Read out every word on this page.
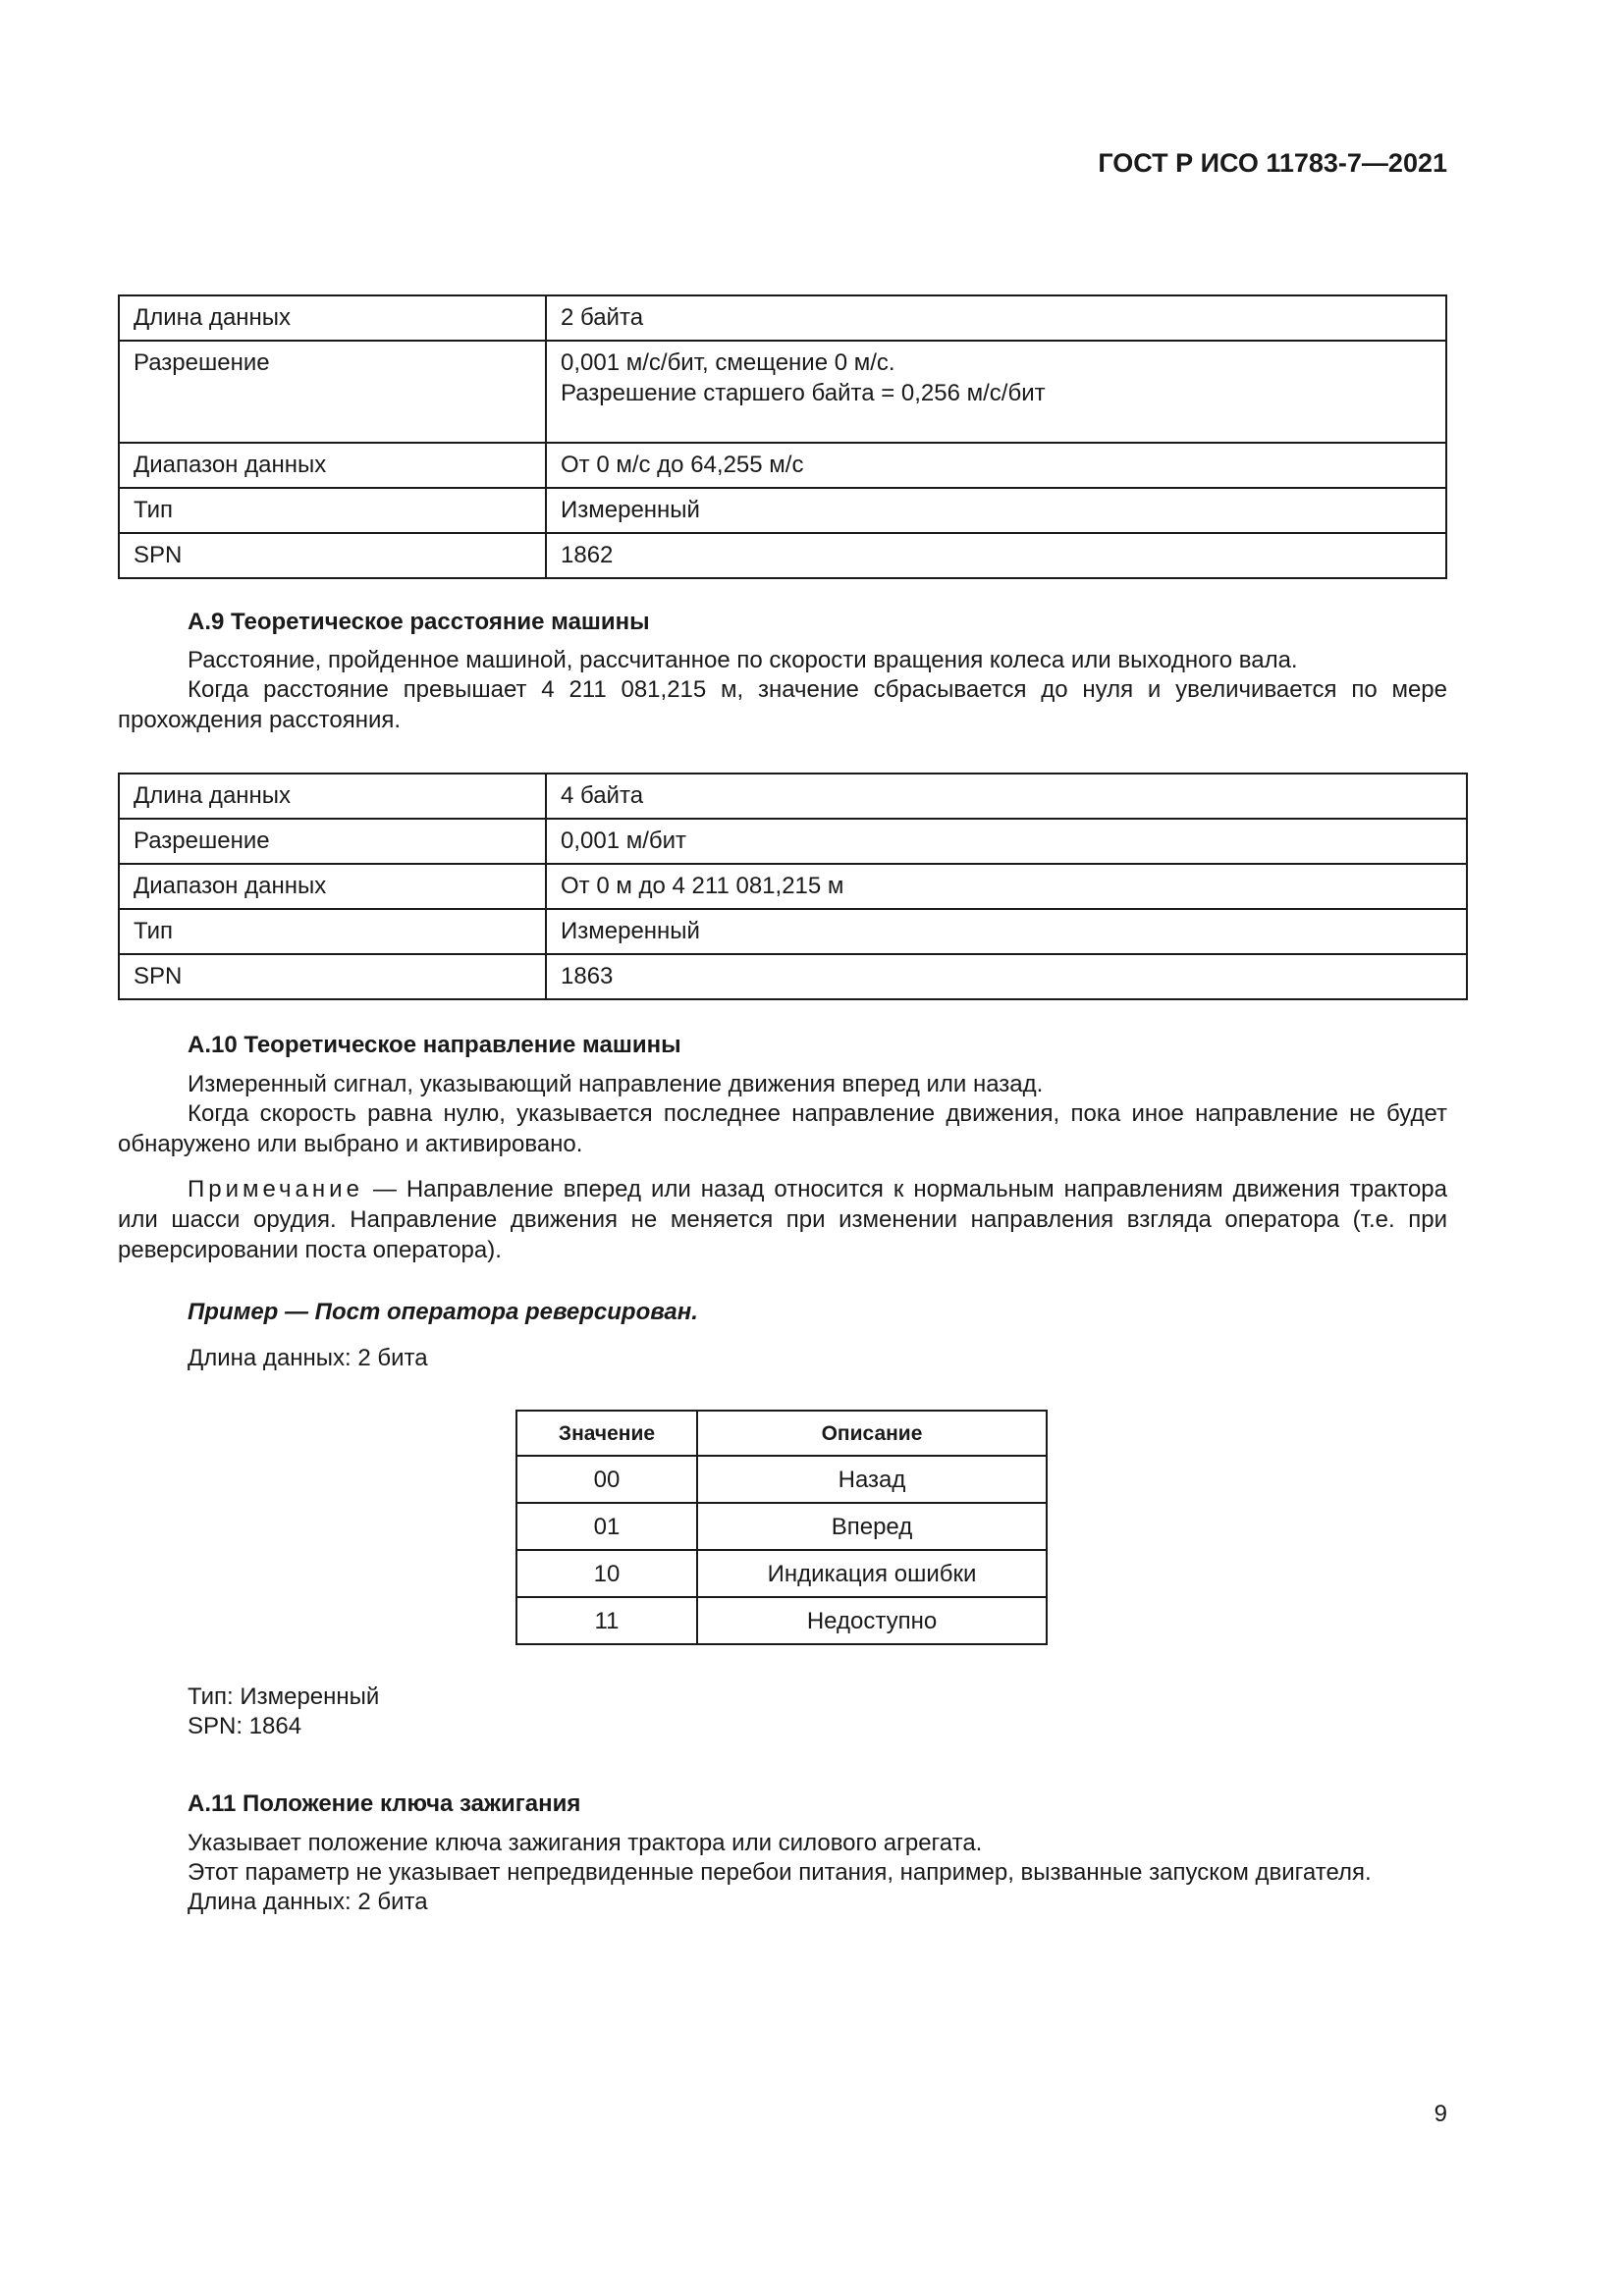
ГОСТ Р ИСО 11783-7—2021
Длина данных	2 байта
Разрешение	0,001 м/с/бит, смещение 0 м/с.
Разрешение старшего байта = 0,256 м/с/бит

Диапазон данных	От 0 м/с до 64,255 м/с
Тип	Измеренный
SPN	1862
А.9 Теоретическое расстояние машины
Расстояние, пройденное машиной, рассчитанное по скорости вращения колеса или выходного вала.
Когда расстояние превышает 4 211 081,215 м, значение сбрасывается до нуля и увеличивается по мере прохождения расстояния.
Длина данных	4 байта
Разрешение	0,001 м/бит
Диапазон данных	От 0 м до 4 211 081,215 м
Тип	Измеренный
SPN	1863
А.10 Теоретическое направление машины
Измеренный сигнал, указывающий направление движения вперед или назад.
Когда скорость равна нулю, указывается последнее направление движения, пока иное направление не будет обнаружено или выбрано и активировано.
Примечание — Направление вперед или назад относится к нормальным направлениям движения трактора или шасси орудия. Направление движения не меняется при изменении направления взгляда оператора (т.е. при реверсировании поста оператора).
Пример — Пост оператора реверсирован.
Длина данных: 2 бита
Значение	Описание
00	Назад
01	Вперед
10	Индикация ошибки
11	Недоступно
Тип: Измеренный
SPN: 1864
А.11 Положение ключа зажигания
Указывает положение ключа зажигания трактора или силового агрегата.
Этот параметр не указывает непредвиденные перебои питания, например, вызванные запуском двигателя.
Длина данных: 2 бита
9
